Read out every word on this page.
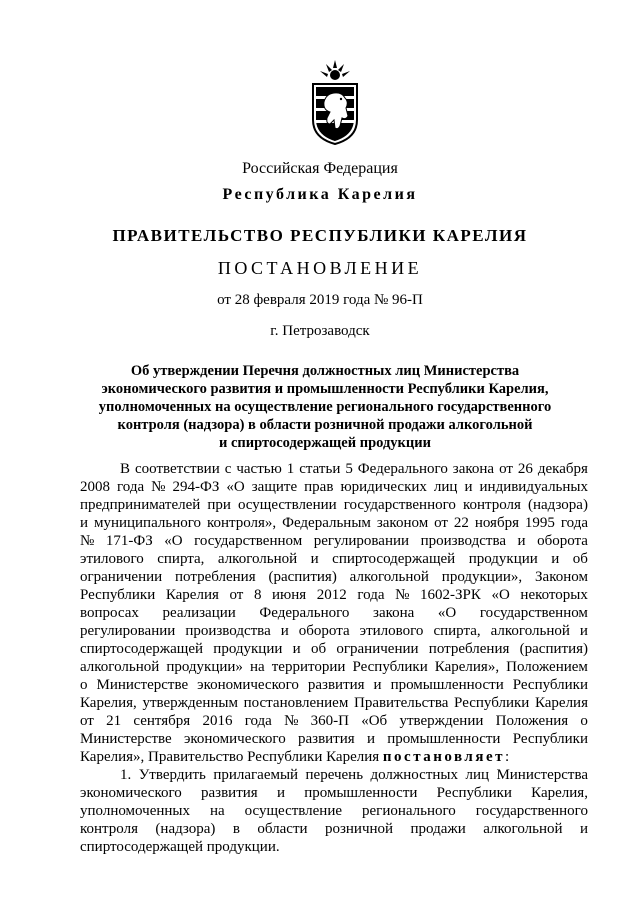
Российская Федерация
Республика Карелия
ПРАВИТЕЛЬСТВО РЕСПУБЛИКИ КАРЕЛИЯ
ПОСТАНОВЛЕНИЕ
от 28 февраля 2019 года № 96-П
г. Петрозаводск
Об утверждении Перечня должностных лиц Министерства
экономического развития и промышленности Республики Карелия,
уполномоченных на осуществление регионального государственного
контроля (надзора) в области розничной продажи алкогольной
и спиртосодержащей продукции
В соответствии с частью 1 статьи 5 Федерального закона от 26 декабря
2008 года № 294-ФЗ «О защите прав юридических лиц и индивидуальных
предпринимателей при осуществлении государственного контроля (надзора)
и муниципального контроля», Федеральным законом от 22 ноября 1995 года
№ 171-ФЗ «О государственном регулировании производства и оборота
этилового спирта, алкогольной и спиртосодержащей продукции и об
ограничении потребления (распития) алкогольной продукции», Законом
Республики Карелия от 8 июня 2012 года № 1602-ЗРК «О некоторых
вопросах реализации Федерального закона «О государственном
регулировании производства и оборота этилового спирта, алкогольной и
спиртосодержащей продукции и об ограничении потребления (распития)
алкогольной продукции» на территории Республики Карелия», Положением
о Министерстве экономического развития и промышленности Республики
Карелия, утвержденным постановлением Правительства Республики Карелия
от 21 сентября 2016 года № 360-П «Об утверждении Положения о
Министерстве экономического развития и промышленности Республики
Карелия», Правительство Республики Карелия постановляет :
1. Утвердить прилагаемый перечень должностных лиц Министерства
экономического развития и промышленности Республики Карелия,
уполномоченных на осуществление регионального государственного
контроля (надзора) в области розничной продажи алкогольной и
спиртосодержащей продукции.
